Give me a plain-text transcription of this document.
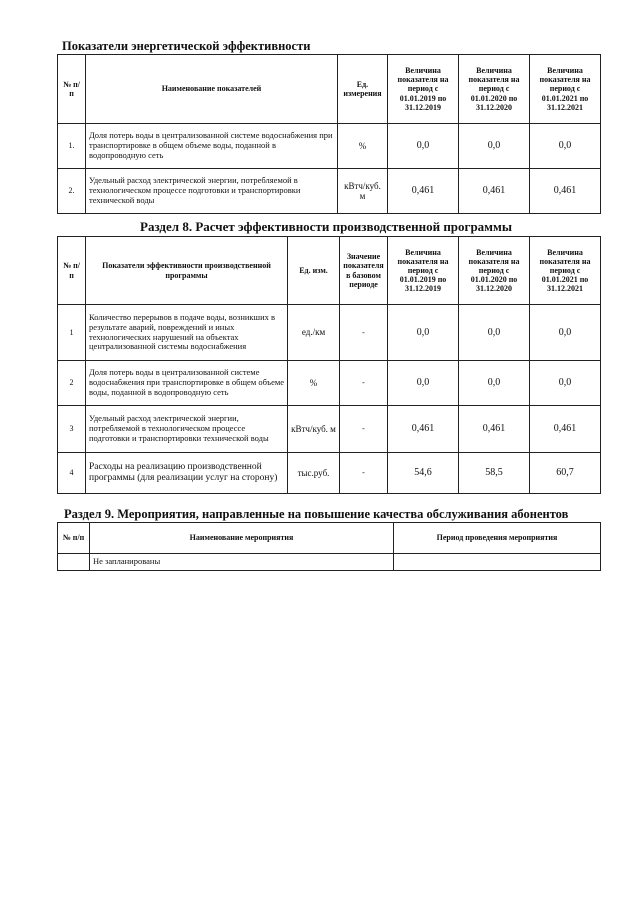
Показатели энергетической эффективности
№ п/п	Наименование показателей	Ед. измерения	Величина показателя на период с 01.01.2019 по 31.12.2019	Величина показателя на период с 01.01.2020 по 31.12.2020	Величина показателя на период с 01.01.2021 по 31.12.2021
1.	Доля потерь воды в централизованной системе водоснабжения при транспортировке в общем объеме воды, поданной в водопроводную сеть	%	0,0	0,0	0,0
2.	Удельный расход электрической энергии, потребляемой в технологическом процессе подготовки и транспортировки технической воды	кВтч/куб. м	0,461	0,461	0,461
Раздел 8. Расчет эффективности производственной программы
№ п/п	Показатели эффективности производственной программы	Ед. изм.	Значение показателя в базовом периоде	Величина показателя на период с 01.01.2019 по 31.12.2019	Величина показателя на период с 01.01.2020 по 31.12.2020	Величина показателя на период с 01.01.2021 по 31.12.2021
1	Количество перерывов в подаче воды, возникших в результате аварий, повреждений и иных технологических нарушений на объектах централизованной системы водоснабжения	ед./км	-	0,0	0,0	0,0
2	Доля потерь воды в централизованной системе водоснабжения при транспортировке в общем объеме воды, поданной в водопроводную сеть	%	-	0,0	0,0	0,0
3	Удельный расход электрической энергии, потребляемой в технологическом процессе подготовки и транспортировки технической воды	кВтч/куб. м	-	0,461	0,461	0,461
4	Расходы на реализацию производственной программы (для реализации услуг на сторону)	тыс.руб.	-	54,6	58,5	60,7
Раздел 9. Мероприятия, направленные на повышение качества обслуживания абонентов
№ п/п	Наименование мероприятия	Период проведения мероприятия
	Не запланированы	
